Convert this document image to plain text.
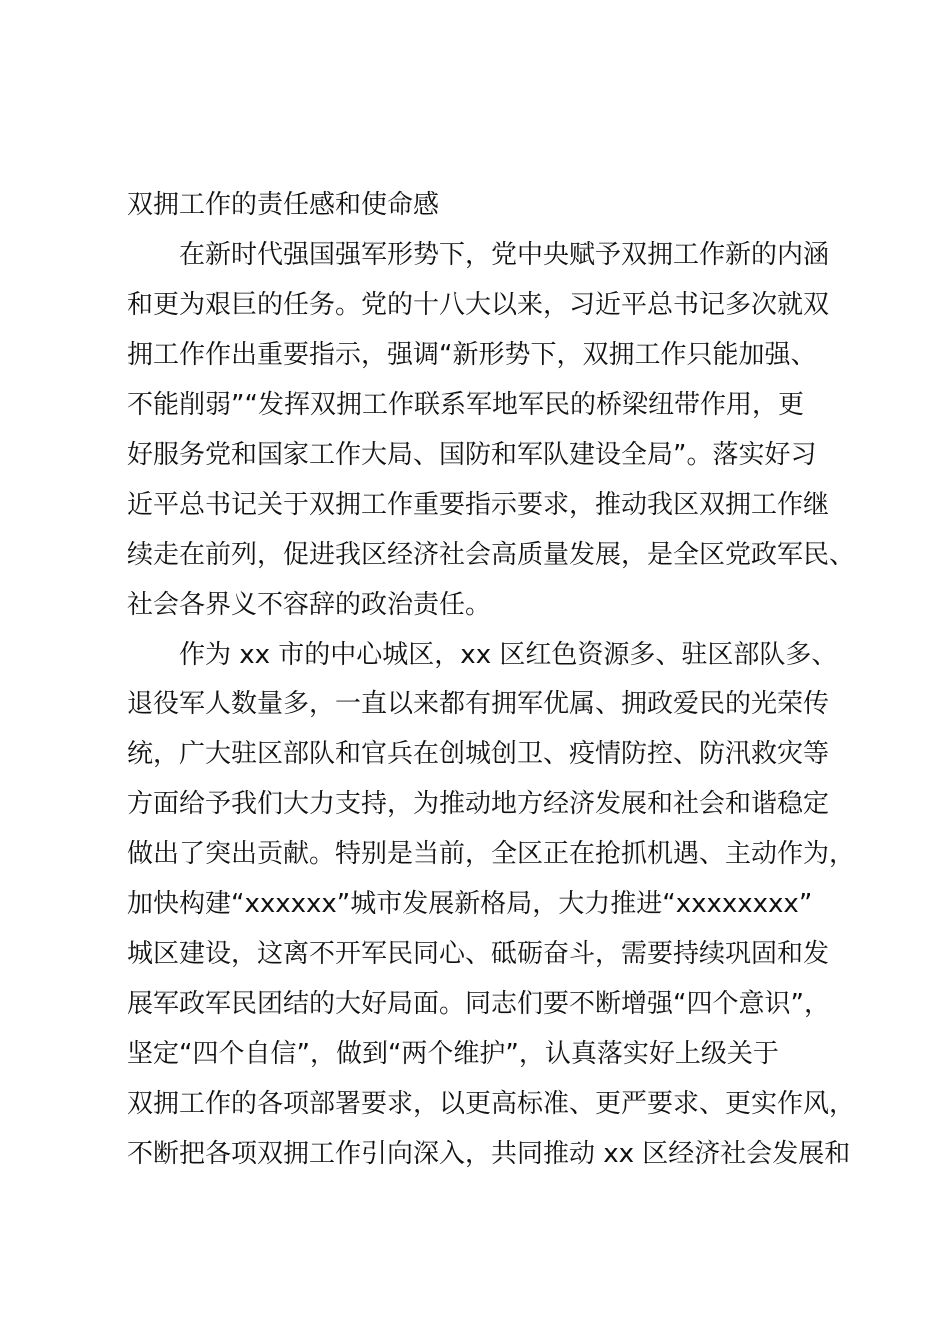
双拥工作的责任感和使命感

在新时代强国强军形势下，党中央赋予双拥工作新的内涵

和更为艰巨的任务。党的十八大以来，习近平总书记多次就双

拥工作作出重要指示，强调“新形势下，双拥工作只能加强、

不能削弱”“发挥双拥工作联系军地军民的桥梁纽带作用，更

好服务党和国家工作大局、国防和军队建设全局”。落实好习

近平总书记关于双拥工作重要指示要求，推动我区双拥工作继

续走在前列，促进我区经济社会高质量发展，是全区党政军民、

社会各界义不容辞的政治责任。

作为 xx 市的中心城区，xx 区红色资源多、驻区部队多、

退役军人数量多，一直以来都有拥军优属、拥政爱民的光荣传

统，广大驻区部队和官兵在创城创卫、疫情防控、防汛救灾等

方面给予我们大力支持，为推动地方经济发展和社会和谐稳定

做出了突出贡献。特别是当前，全区正在抢抓机遇、主动作为，

加快构建“xxxxxx”城市发展新格局，大力推进“xxxxxxxx”

城区建设，这离不开军民同心、砥砺奋斗，需要持续巩固和发

展军政军民团结的大好局面。同志们要不断增强“四个意识”，

坚定“四个自信”，做到“两个维护”，认真落实好上级关于

双拥工作的各项部署要求，以更高标准、更严要求、更实作风，

不断把各项双拥工作引向深入，共同推动 xx 区经济社会发展和
